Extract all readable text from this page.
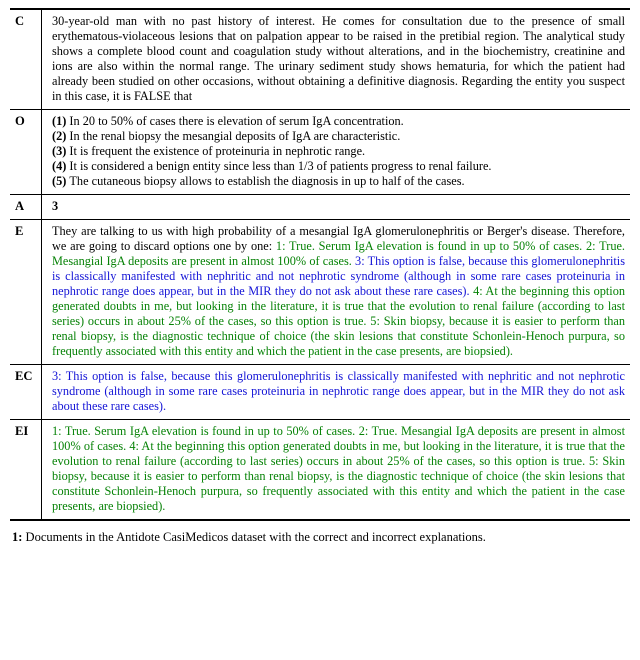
C	30-year-old man with no past history of interest. He comes for consultation due to the presence of small erythematous-violaceous lesions that on palpation appear to be raised in the pretibial region. The analytical study shows a complete blood count and coagulation study without alterations, and in the biochemistry, creatinine and ions are also within the normal range. The urinary sediment study shows hematuria, for which the patient had already been studied on other occasions, without obtaining a definitive diagnosis. Regarding the entity you suspect in this case, it is FALSE that
O	(1) In 20 to 50% of cases there is elevation of serum IgA concentration.
(2) In the renal biopsy the mesangial deposits of IgA are characteristic.
(3) It is frequent the existence of proteinuria in nephrotic range.
(4) It is considered a benign entity since less than 1/3 of patients progress to renal failure.
(5) The cutaneous biopsy allows to establish the diagnosis in up to half of the cases.
A	3
E	They are talking to us with high probability of a mesangial IgA glomerulonephritis or Berger's disease. Therefore, we are going to discard options one by one: 1: True. Serum IgA elevation is found in up to 50% of cases. 2: True. Mesangial IgA deposits are present in almost 100% of cases. 3: This option is false, because this glomerulonephritis is classically manifested with nephritic and not nephrotic syndrome (although in some rare cases proteinuria in nephrotic range does appear, but in the MIR they do not ask about these rare cases). 4: At the beginning this option generated doubts in me, but looking in the literature, it is true that the evolution to renal failure (according to last series) occurs in about 25% of the cases, so this option is true. 5: Skin biopsy, because it is easier to perform than renal biopsy, is the diagnostic technique of choice (the skin lesions that constitute Schonlein-Henoch purpura, so frequently associated with this entity and which the patient in the case presents, are biopsied).
EC	3: This option is false, because this glomerulonephritis is classically manifested with nephritic and not nephrotic syndrome (although in some rare cases proteinuria in nephrotic range does appear, but in the MIR they do not ask about these rare cases).
EI	1: True. Serum IgA elevation is found in up to 50% of cases. 2: True. Mesangial IgA deposits are present in almost 100% of cases. 4: At the beginning this option generated doubts in me, but looking in the literature, it is true that the evolution to renal failure (according to last series) occurs in about 25% of the cases, so this option is true. 5: Skin biopsy, because it is easier to perform than renal biopsy, is the diagnostic technique of choice (the skin lesions that constitute Schonlein-Henoch purpura, so frequently associated with this entity and which the patient in the case presents, are biopsied).
1: Documents in the Antidote CasiMedicos dataset with the correct and incorrect explanations.
